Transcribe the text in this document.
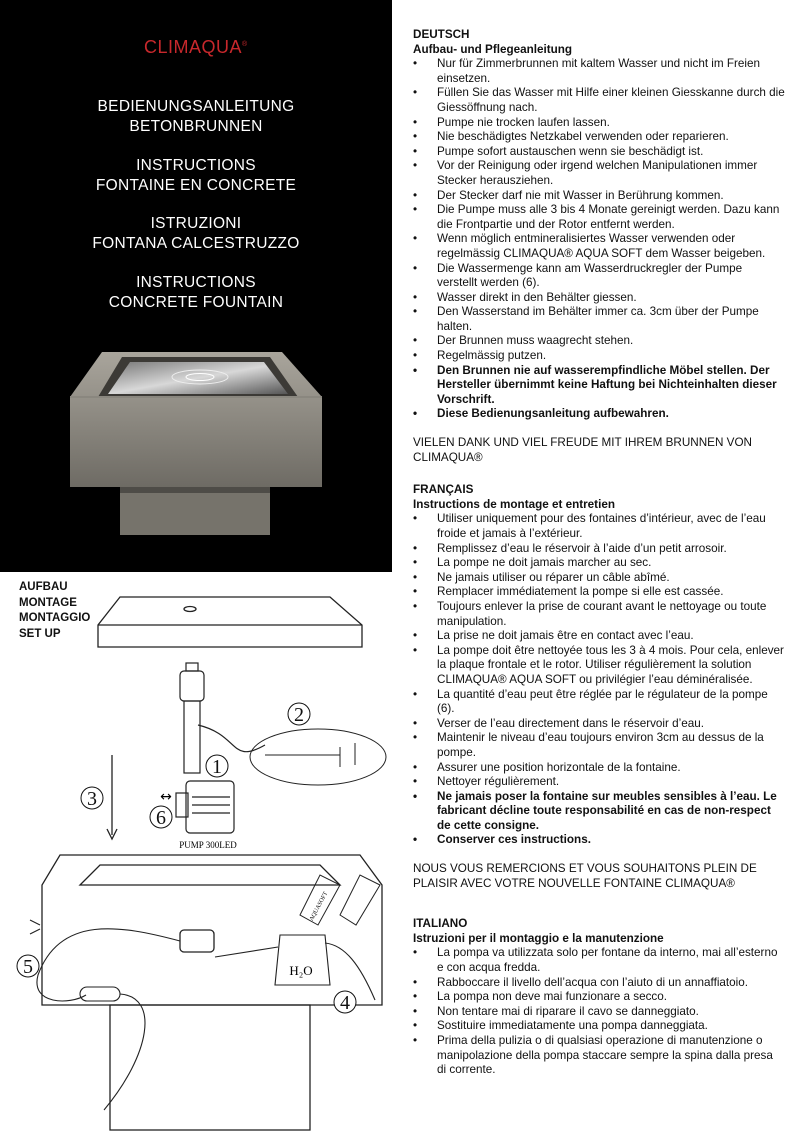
CLIMAQUA®
BEDIENUNGSANLEITUNG
BETONBRUNNEN
INSTRUCTIONS
FONTAINE EN CONCRETE
ISTRUZIONI
FONTANA CALCESTRUZZO
INSTRUCTIONS
CONCRETE FOUNTAIN
AUFBAU
MONTAGE
MONTAGGIO
SET UP
1
2
3
4
5
6
↔
PUMP 300LED
H₂O
AQUASOFT
DEUTSCH
Aufbau- und Pflegeanleitung
• Nur für Zimmerbrunnen mit kaltem Wasser und nicht im Freien einsetzen.
• Füllen Sie das Wasser mit Hilfe einer kleinen Giesskanne durch die Giessöffnung nach.
• Pumpe nie trocken laufen lassen.
• Nie beschädigtes Netzkabel verwenden oder reparieren.
• Pumpe sofort austauschen wenn sie beschädigt ist.
• Vor der Reinigung oder irgend welchen Manipulationen immer Stecker herausziehen.
• Der Stecker darf nie mit Wasser in Berührung kommen.
• Die Pumpe muss alle 3 bis 4 Monate gereinigt werden. Dazu kann die Frontpartie und der Rotor entfernt werden.
• Wenn möglich entmineralisiertes Wasser verwenden oder regelmässig CLIMAQUA® AQUA SOFT dem Wasser beigeben.
• Die Wassermenge kann am Wasserdruckregler der Pumpe verstellt werden (6).
• Wasser direkt in den Behälter giessen.
• Den Wasserstand im Behälter immer ca. 3cm über der Pumpe halten.
• Der Brunnen muss waagrecht stehen.
• Regelmässig putzen.
• Den Brunnen nie auf wasserempfindliche Möbel stellen. Der Hersteller übernimmt keine Haftung bei Nichteinhalten dieser Vorschrift.
• Diese Bedienungsanleitung aufbewahren.
VIELEN DANK UND VIEL FREUDE MIT IHREM BRUNNEN VON CLIMAQUA®
FRANÇAIS
Instructions de montage et entretien
• Utiliser uniquement pour des fontaines d’intérieur, avec de l’eau froide et jamais à l’extérieur.
• Remplissez d’eau le réservoir à l’aide d’un petit arrosoir.
• La pompe ne doit jamais marcher au sec.
• Ne jamais utiliser ou réparer un câble abîmé.
• Remplacer immédiatement la pompe si elle est cassée.
• Toujours enlever la prise de courant avant le nettoyage ou toute manipulation.
• La prise ne doit jamais être en contact avec l’eau.
• La pompe doit être nettoyée tous les 3 à 4 mois. Pour cela, enlever la plaque frontale et le rotor. Utiliser régulièrement la solution CLIMAQUA® AQUA SOFT ou privilégier l’eau déminéralisée.
• La quantité d’eau peut être réglée par le régulateur de la pompe (6).
• Verser de l’eau directement dans le réservoir d’eau.
• Maintenir le niveau d’eau toujours environ 3cm au dessus de la pompe.
• Assurer une position horizontale de la fontaine.
• Nettoyer régulièrement.
• Ne jamais poser la fontaine sur meubles sensibles à l’eau. Le fabricant décline toute responsabilité en cas de non-respect de cette consigne.
• Conserver ces instructions.
NOUS VOUS REMERCIONS ET VOUS SOUHAITONS PLEIN DE PLAISIR AVEC VOTRE NOUVELLE FONTAINE CLIMAQUA®
ITALIANO
Istruzioni per il montaggio e la manutenzione
• La pompa va utilizzata solo per fontane da interno, mai all’esterno e con acqua fredda.
• Rabboccare il livello dell’acqua con l’aiuto di un annaffiatoio.
• La pompa non deve mai funzionare a secco.
• Non tentare mai di riparare il cavo se danneggiato.
• Sostituire immediatamente una pompa danneggiata.
• Prima della pulizia o di qualsiasi operazione di manutenzione o manipolazione della pompa staccare sempre la spina dalla presa di corrente.
